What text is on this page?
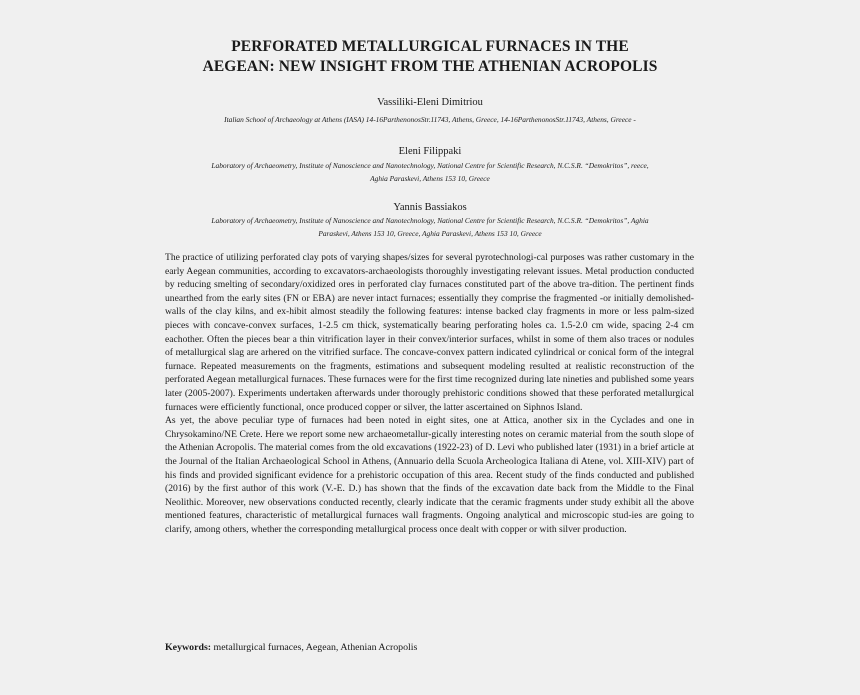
PERFORATED METALLURGICAL FURNACES IN THE
AEGEAN: NEW INSIGHT FROM THE ATHENIAN ACROPOLIS
Vassiliki-Eleni Dimitriou
Italian School of Archaeology at Athens (IASA) 14-16ParthenonosStr.11743, Athens, Greece, 14-16ParthenonosStr.11743, Athens, Greece -
Eleni Filippaki
Laboratory of Archaeometry, Institute of Nanoscience and Nanotechnology, National Centre for Scientific Research, N.C.S.R. “Demokritos”, reece,
Aghia Paraskevi, Athens 153 10, Greece
Yannis Bassiakos
Laboratory of Archaeometry, Institute of Nanoscience and Nanotechnology, National Centre for Scientific Research, N.C.S.R. “Demokritos”, Aghia
Paraskevi, Athens 153 10, Greece, Aghia Paraskevi, Athens 153 10, Greece

The practice of utilizing perforated clay pots of varying shapes/sizes for several pyrotechnologi-cal purposes was rather customary in the early Aegean communities, according to excavators-archaeologists thoroughly investigating relevant issues. Metal production conducted by reducing smelting of secondary/oxidized ores in perforated clay furnaces constituted part of the above tra-dition. The pertinent finds unearthed from the early sites (FN or EBA) are never intact furnaces; essentially they comprise the fragmented -or initially demolished-walls of the clay kilns, and ex-hibit almost steadily the following features: intense backed clay fragments in more or less palm-sized pieces with concave-convex surfaces, 1-2.5 cm thick, systematically bearing perforating holes ca. 1.5-2.0 cm wide, spacing 2-4 cm eachother. Often the pieces bear a thin vitrification layer in their convex/interior surfaces, whilst in some of them also traces or nodules of metallurgical slag are arhered on the vitrified surface. The concave-convex pattern indicated cylindrical or conical form of the integral furnace. Repeated measurements on the fragments, estimations and subsequent modeling resulted at realistic reconstruction of the perforated Aegean metallurgical furnaces. These furnaces were for the first time recognized during late nineties and published some years later (2005-2007). Experiments undertaken afterwards under thorougly prehistoric conditions showed that these perforated metallurgical furnaces were efficiently functional, once produced copper or silver, the latter ascertained on Siphnos Island.

As yet, the above peculiar type of furnaces had been noted in eight sites, one at Attica, another six in the Cyclades and one in Chrysokamino/NE Crete. Here we report some new archaeometallur-gically interesting notes on ceramic material from the south slope of the Athenian Acropolis. The material comes from the old excavations (1922-23) of D. Levi who published later (1931) in a brief article at the Journal of the Italian Archaeological School in Athens, (Annuario della Scuola Archeologica Italiana di Atene, vol. XIII-XIV) part of his finds and provided significant evidence for a prehistoric occupation of this area. Recent study of the finds conducted and published (2016) by the first author of this work (V.-E. D.) has shown that the finds of the excavation date back from the Middle to the Final Neolithic. Moreover, new observations conducted recently, clearly indicate that the ceramic fragments under study exhibit all the above mentioned features, characteristic of metallurgical furnaces wall fragments. Ongoing analytical and microscopic stud-ies are going to clarify, among others, whether the corresponding metallurgical process once dealt with copper or with silver production.

Keywords: metallurgical furnaces, Aegean, Athenian Acropolis
